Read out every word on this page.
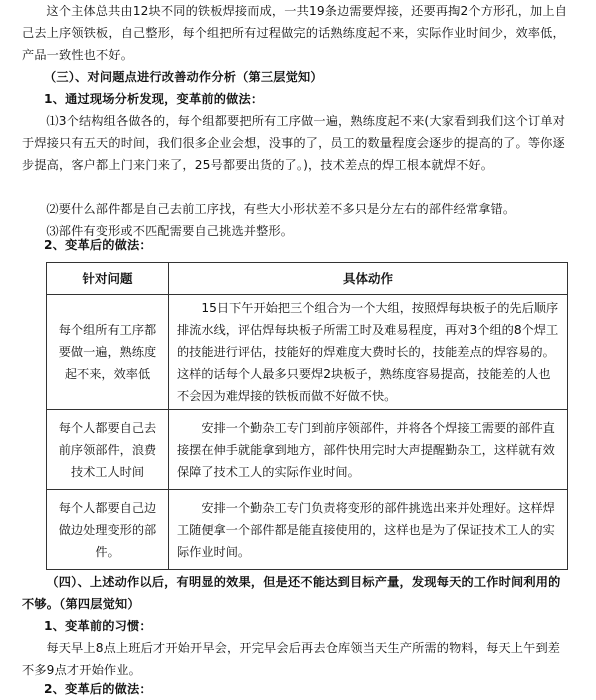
这个主体总共由12块不同的铁板焊接而成，一共19条边需要焊接，还要再掏2个方形孔，加上自己去上序领铁板，自己整形，每个组把所有过程做完的话熟练度起不来，实际作业时间少，效率低，产品一致性也不好。

（三）、对问题点进行改善动作分析（第三层觉知）

1、通过现场分析发现，变革前的做法：

⑴3个结构组各做各的，每个组都要把所有工序做一遍，熟练度起不来(大家看到我们这个订单对于焊接只有五天的时间，我们很多企业会想，没事的了，员工的数量程度会逐步的提高的了。等你逐步提高，客户都上门来门来了，25号都要出货的了。)，技术差点的焊工根本就焊不好。

⑵要什么部件都是自己去前工序找，有些大小形状差不多只是分左右的部件经常拿错。

⑶部件有变形或不匹配需要自己挑选并整形。

2、变革后的做法：

针对问题	具体动作
每个组所有工序都要做一遍，熟练度起不来，效率低	15日下午开始把三个组合为一个大组，按照焊每块板子的先后顺序排流水线，评估焊每块板子所需工时及难易程度，再对3个组的8个焊工的技能进行评估，技能好的焊难度大费时长的，技能差点的焊容易的。这样的话每个人最多只要焊2块板子，熟练度容易提高，技能差的人也不会因为难焊接的铁板而做不好做不快。
每个人都要自己去前序领部件，浪费技术工人时间	安排一个勤杂工专门到前序领部件，并将各个焊接工需要的部件直接摆在伸手就能拿到地方，部件快用完时大声提醒勤杂工，这样就有效保障了技术工人的实际作业时间。
每个人都要自己边做边处理变形的部件。	安排一个勤杂工专门负责将变形的部件挑选出来并处理好。这样焊工随便拿一个部件都是能直接使用的，这样也是为了保证技术工人的实际作业时间。

（四）、上述动作以后，有明显的效果，但是还不能达到目标产量，发现每天的工作时间利用的不够。（第四层觉知）

1、变革前的习惯：

每天早上8点上班后才开始开早会，开完早会后再去仓库领当天生产所需的物料，每天上午到差不多9点才开始作业。

2、变革后的做法：
